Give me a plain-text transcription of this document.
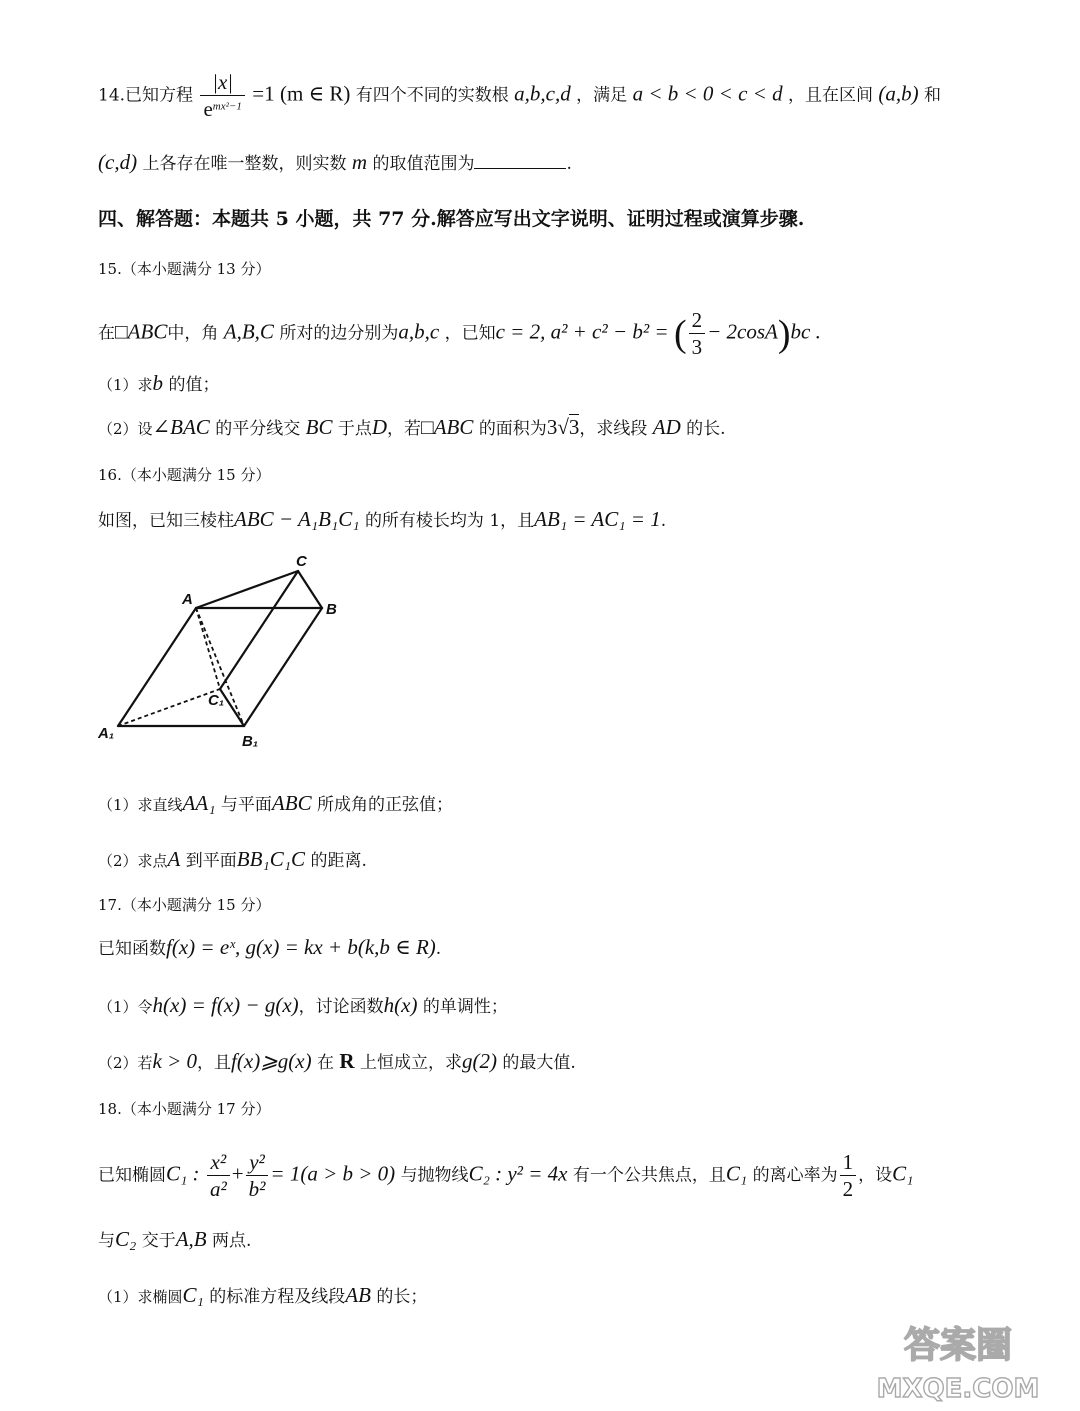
14.已知方程 $\frac{|x|}{e^{mx^2-1}} =1$ (m ∈ R) 有四个不同的实数根 a,b,c,d ，满足 a < b < 0 < c < d ，且在区间 (a,b) 和
(c,d) 上各存在唯一整数，则实数 m 的取值范围为	.
四、解答题：本题共 5 小题，共 77 分.解答应写出文字说明、证明过程或演算步骤.
15.（本小题满分 13 分）
在□ABC中，角 A,B,C 所对的边分别为a,b,c ，已知c = 2, a² + c² − b² = ( $\frac{2}{3} - 2\cos A)bc$ .
（1）求b 的值；
（2）设∠BAC 的平分线交 BC 于点D，若□ABC 的面积为3√3，求线段 AD 的长.
16.（本小题满分 15 分）
如图，已知三棱柱ABC − A₁B₁C₁ 的所有棱长均为 1，且AB₁ = AC₁ = 1.
A
C
B
C₁
A₁	B₁
（1）求直线AA₁ 与平面ABC 所成角的正弦值；
（2）求点A 到平面BB₁C₁C 的距离.
17.（本小题满分 15 分）
已知函数f(x) = eˣ, g(x) = kx + b(k,b ∈ R).
（1）令h(x) = f(x) − g(x)，讨论函数h(x) 的单调性；
（2）若k > 0，且f(x)⩾g(x) 在 R 上恒成立，求g(2) 的最大值.
18.（本小题满分 17 分）
已知椭圆C₁ : $\frac{\text{x²}}{\text{a²}} + \frac{\text{y²}}{\text{b²}} = 1(a > b > 0)$ 与抛物线C₂ : y² = 4x 有一个公共焦点，且C₁ 的离心率为 $\frac{1}{2}$ ，设C₁
与C₂ 交于A,B 两点.
（1）求椭圆C₁ 的标准方程及线段AB 的长；
答案圈
MXQE.COM
